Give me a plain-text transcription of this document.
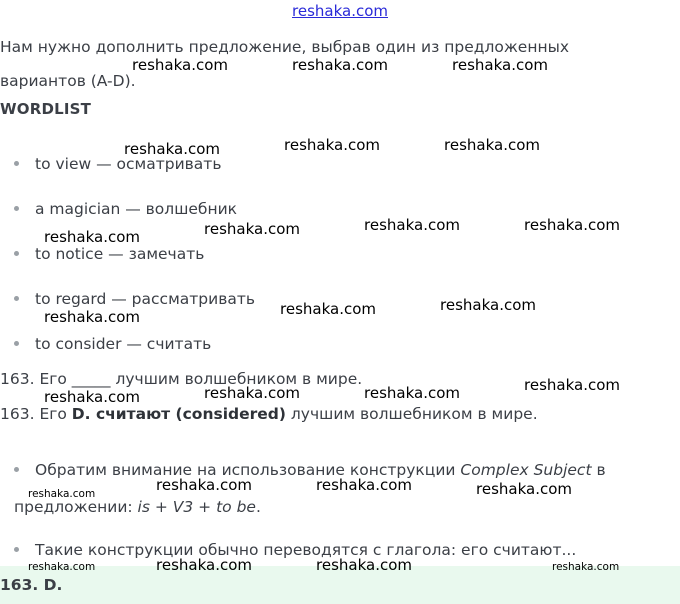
reshaka.com
Нам нужно дополнить предложение, выбрав один из предложенных вариантов (A-D).
WORDLIST
to view — осматривать
a magician — волшебник
to notice — замечать
to regard — рассматривать
to consider — считать
163. Его _____ лучшим волшебником в мире.
163. Его D. считают (considered) лучшим волшебником в мире.
Обратим внимание на использование конструкции Complex Subject в предложении: is + V3 + to be.
Такие конструкции обычно переводятся с глагола: его считают...
163. D.
reshaka.com	reshaka.com	reshaka.com
reshaka.com	reshaka.com	reshaka.com
reshaka.com	reshaka.com	reshaka.com	reshaka.com
reshaka.com	reshaka.com	reshaka.com
reshaka.com	reshaka.com	reshaka.com	reshaka.com
reshaka.com	reshaka.com	reshaka.com	reshaka.com
reshaka.com	reshaka.com	reshaka.com	reshaka.com
